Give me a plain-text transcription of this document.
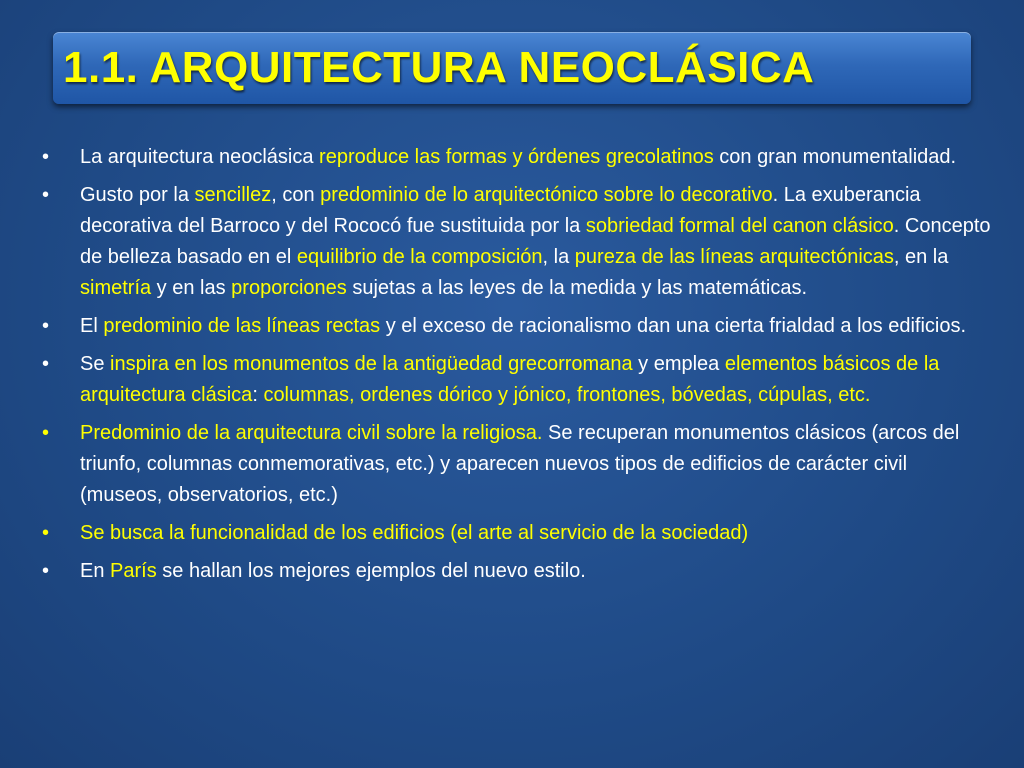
1.1. ARQUITECTURA NEOCLÁSICA
• La arquitectura neoclásica reproduce las formas y órdenes grecolatinos con gran monumentalidad.
• Gusto por la sencillez, con predominio de lo arquitectónico sobre lo decorativo. La exuberancia decorativa del Barroco y del Rococó fue sustituida por la sobriedad formal del canon clásico. Concepto de belleza basado en el equilibrio de la composición, la pureza de las líneas arquitectónicas, en la simetría y en las proporciones sujetas a las leyes de la medida y las matemáticas.
• El predominio de las líneas rectas y el exceso de racionalismo dan una cierta frialdad a los edificios.
• Se inspira en los monumentos de la antigüedad grecorromana y emplea elementos básicos de la arquitectura clásica: columnas, ordenes dórico y jónico, frontones, bóvedas, cúpulas, etc.
• Predominio de la arquitectura civil sobre la religiosa. Se recuperan monumentos clásicos (arcos del triunfo, columnas conmemorativas, etc.) y aparecen nuevos tipos de edificios de carácter civil (museos, observatorios, etc.)
• Se busca la funcionalidad de los edificios (el arte al servicio de la sociedad)
• En París se hallan los mejores ejemplos del nuevo estilo.
